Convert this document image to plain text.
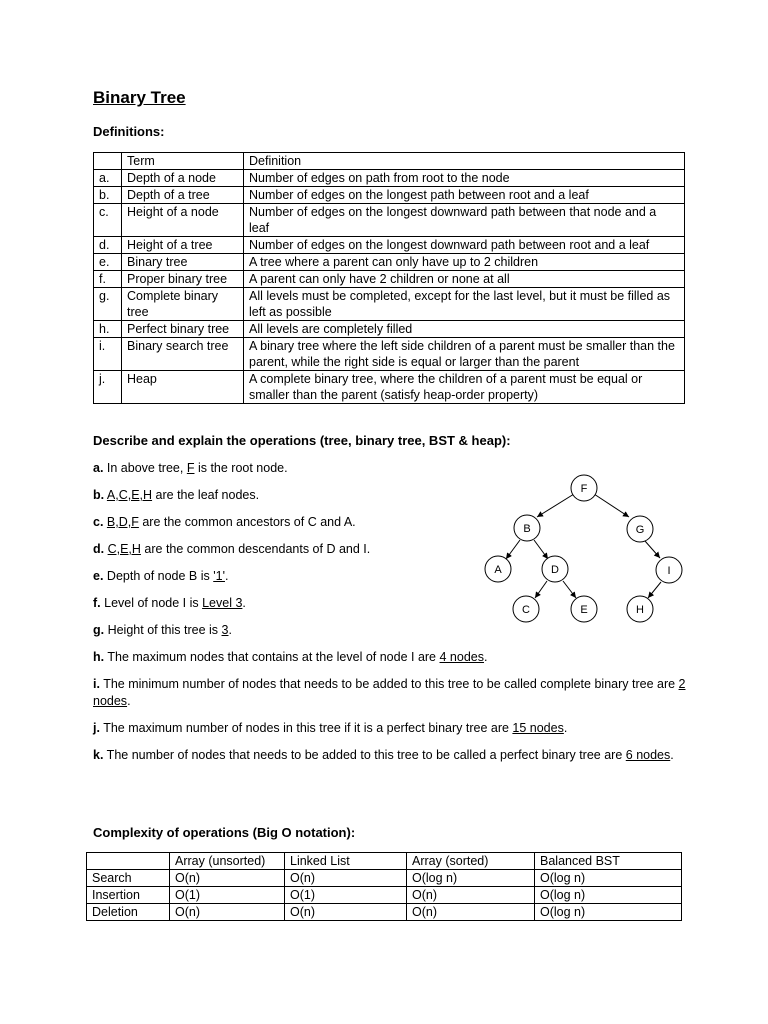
Binary Tree
Definitions:
	Term	Definition
a.	Depth of a node	Number of edges on path from root to the node
b.	Depth of a tree	Number of edges on the longest path between root and a leaf
c.	Height of a node	Number of edges on the longest downward path between that node and a leaf
d.	Height of a tree	Number of edges on the longest downward path between root and a leaf
e.	Binary tree	A tree where a parent can only have up to 2 children
f.	Proper binary tree	A parent can only have 2 children or none at all
g.	Complete binary tree	All levels must be completed, except for the last level, but it must be filled as left as possible
h.	Perfect binary tree	All levels are completely filled
i.	Binary search tree	A binary tree where the left side children of a parent must be smaller than the parent, while the right side is equal or larger than the parent
j.	Heap	A complete binary tree, where the children of a parent must be equal or smaller than the parent (satisfy heap-order property)
Describe and explain the operations (tree, binary tree, BST & heap):

a. In above tree, F is the root node.

b. A,C,E,H are the leaf nodes.

c. B,D,F are the common ancestors of C and A.

d. C,E,H are the common descendants of D and I.

e. Depth of node B is '1'.

f. Level of node I is Level 3.

g. Height of this tree is 3.

h. The maximum nodes that contains at the level of node I are 4 nodes.

i. The minimum number of nodes that needs to be added to this tree to be called complete binary tree are 2 nodes.

j. The maximum number of nodes in this tree if it is a perfect binary tree are 15 nodes.

k. The number of nodes that needs to be added to this tree to be called a perfect binary tree are 6 nodes.

F
B	G
A	D	I
C	E	H
Complexity of operations (Big O notation):
	Array (unsorted)	Linked List	Array (sorted)	Balanced BST
Search	O(n)	O(n)	O(log n)	O(log n)
Insertion	O(1)	O(1)	O(n)	O(log n)
Deletion	O(n)	O(n)	O(n)	O(log n)
